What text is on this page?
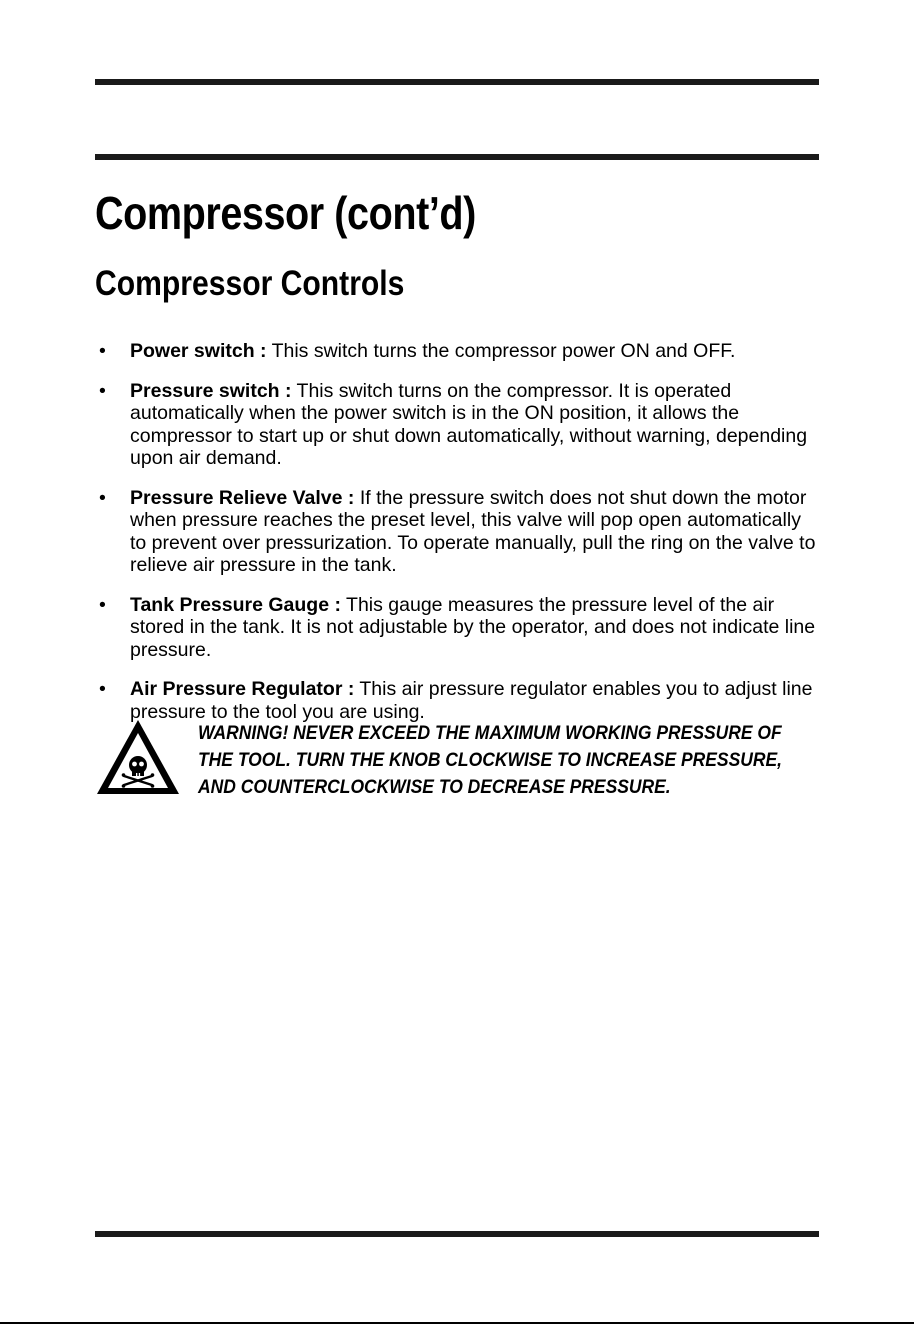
Compressor (cont’d)
Compressor Controls
• Power switch : This switch turns the compressor power ON and OFF.
• Pressure switch : This switch turns on the compressor. It is operated automatically when the power switch is in the ON position, it allows the compressor to start up or shut down automatically, without warning, depending upon air demand.
• Pressure Relieve Valve : If the pressure switch does not shut down the motor when pressure reaches the preset level, this valve will pop open automatically to prevent over pressurization. To operate manually, pull the ring on the valve to relieve air pressure in the tank.
• Tank Pressure Gauge : This gauge measures the pressure level of the air stored in the tank. It is not adjustable by the operator, and does not indicate line pressure.
• Air Pressure Regulator : This air pressure regulator enables you to adjust line pressure to the tool you are using.
WARNING! NEVER EXCEED THE MAXIMUM WORKING PRESSURE OF
THE TOOL. TURN THE KNOB CLOCKWISE TO INCREASE PRESSURE,
AND COUNTERCLOCKWISE TO DECREASE PRESSURE.
